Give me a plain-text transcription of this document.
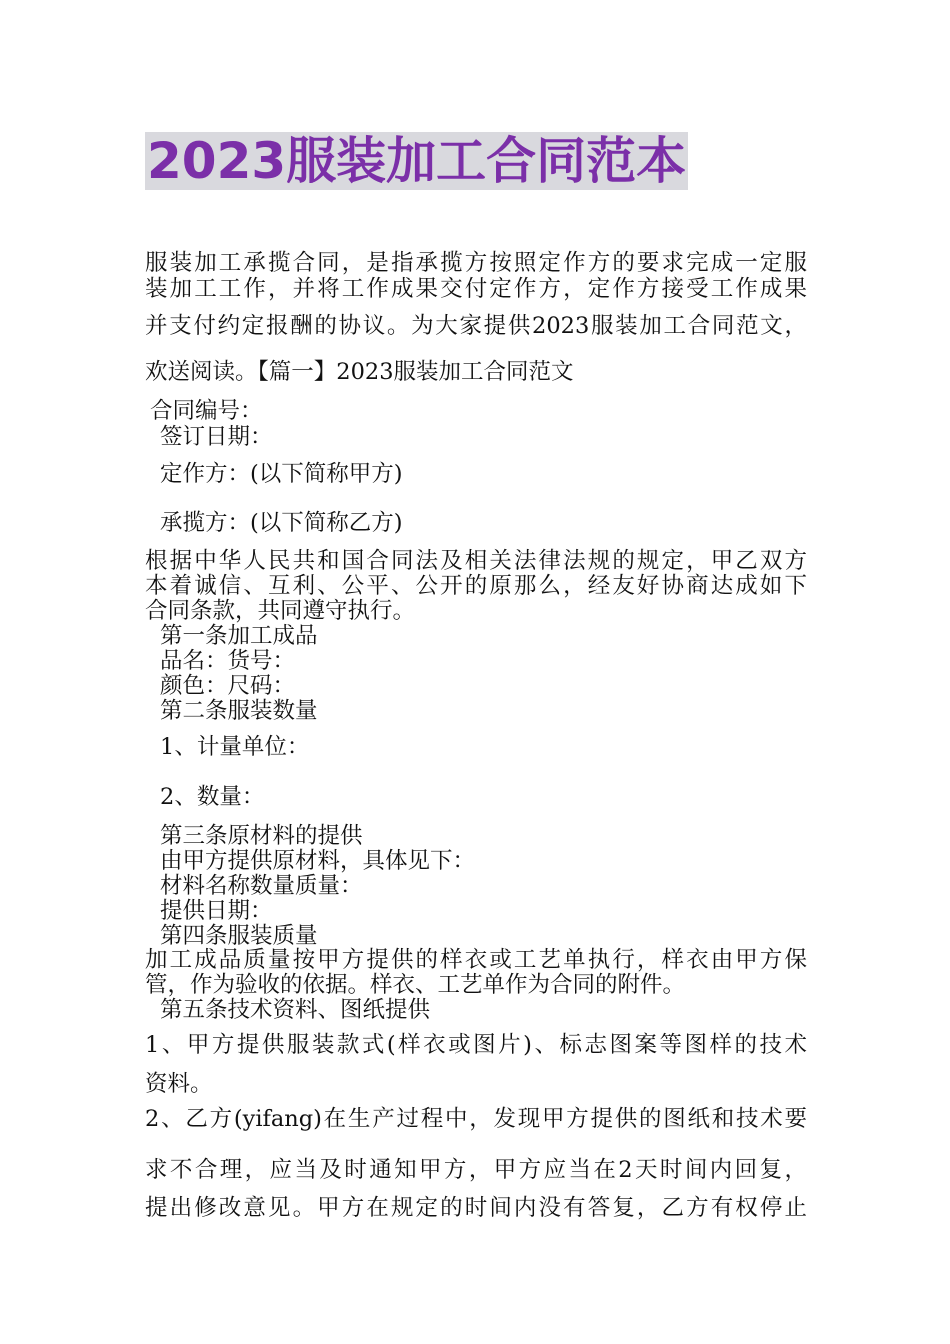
2023服装加工合同范本

服装加工承揽合同，是指承揽方按照定作方的要求完成一定服

装加工工作，并将工作成果交付定作方，定作方接受工作成果

并支付约定报酬的协议。为大家提供2023服装加工合同范文，

欢送阅读。【篇一】2023服装加工合同范文

合同编号：

签订日期：

定作方：(以下简称甲方)

承揽方：(以下简称乙方)

根据中华人民共和国合同法及相关法律法规的规定，甲乙双方

本着诚信、互利、公平、公开的原那么，经友好协商达成如下

合同条款，共同遵守执行。

第一条加工成品

品名：货号：

颜色：尺码：

第二条服装数量

1、计量单位：

2、数量：

第三条原材料的提供

由甲方提供原材料，具体见下：

材料名称数量质量：

提供日期：

第四条服装质量

加工成品质量按甲方提供的样衣或工艺单执行，样衣由甲方保

管，作为验收的依据。样衣、工艺单作为合同的附件。

第五条技术资料、图纸提供

1、甲方提供服装款式(样衣或图片)、标志图案等图样的技术

资料。

2、乙方(yifang)在生产过程中，发现甲方提供的图纸和技术要

求不合理，应当及时通知甲方，甲方应当在2天时间内回复，

提出修改意见。甲方在规定的时间内没有答复，乙方有权停止
